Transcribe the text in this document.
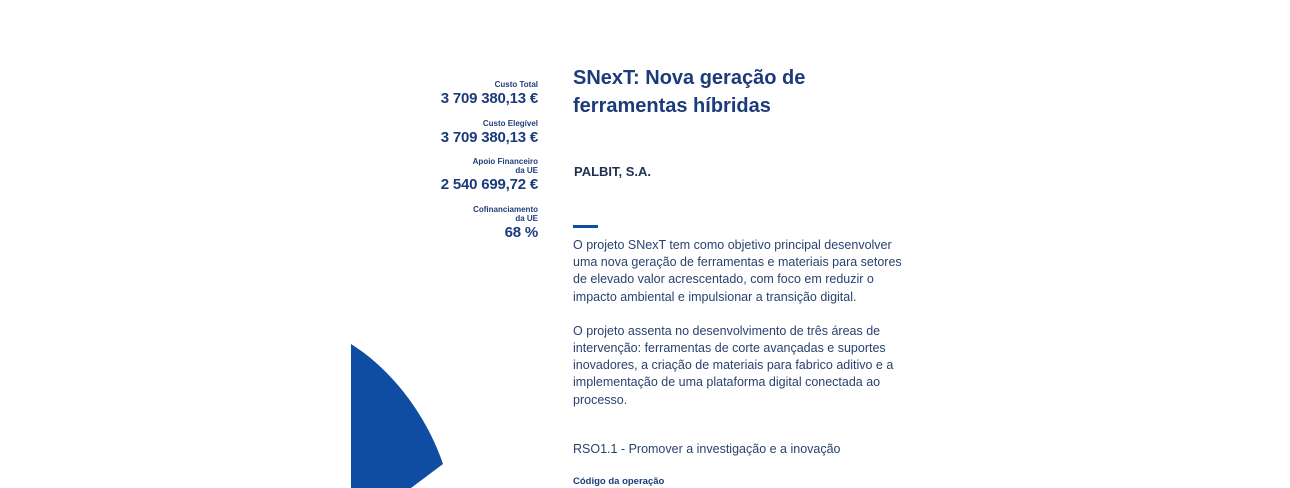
Custo Total
3 709 380,13 €
Custo Elegível
3 709 380,13 €
Apoio Financeiro
da UE
2 540 699,72 €
Cofinanciamento
da UE
68 %
SNexT: Nova geração de ferramentas híbridas
PALBIT, S.A.

O projeto SNexT tem como objetivo principal desenvolver uma nova geração de ferramentas e materiais para setores de elevado valor acrescentado, com foco em reduzir o impacto ambiental e impulsionar a transição digital.

O projeto assenta no desenvolvimento de três áreas de intervenção: ferramentas de corte avançadas e suportes inovadores, a criação de materiais para fabrico aditivo e a implementação de uma plataforma digital conectada ao processo.

RSO1.1 - Promover a investigação e a inovação
Código da operação
